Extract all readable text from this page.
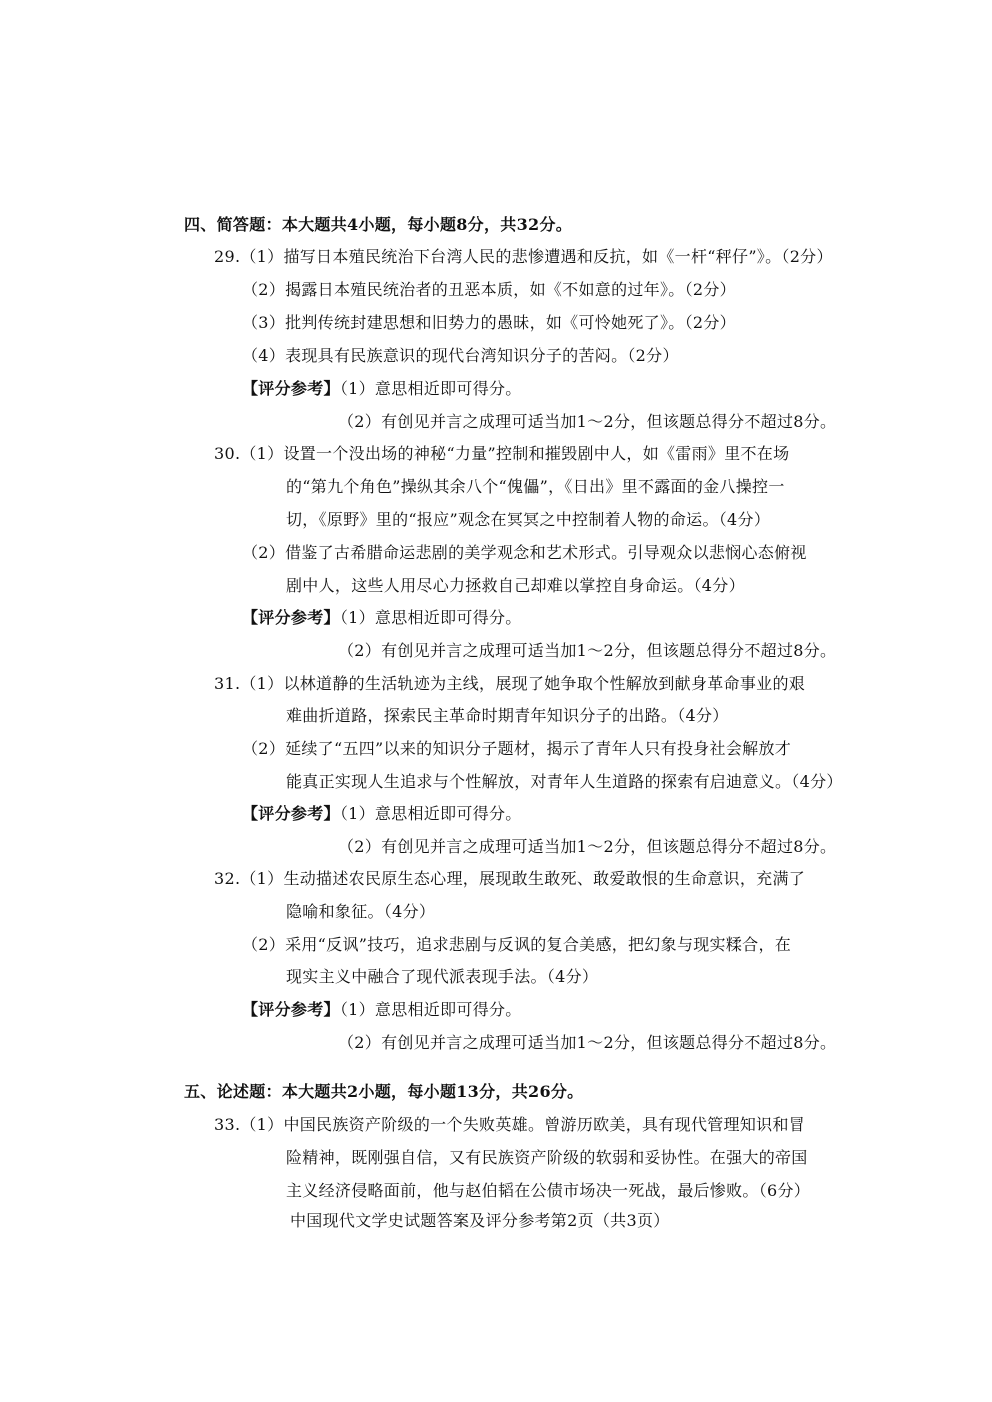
四、简答题：本大题共4小题，每小题8分，共32分。
29.（1）描写日本殖民统治下台湾人民的悲惨遭遇和反抗，如《一杆“秤仔”》。（2分）
（2）揭露日本殖民统治者的丑恶本质，如《不如意的过年》。（2分）
（3）批判传统封建思想和旧势力的愚昧，如《可怜她死了》。（2分）
（4）表现具有民族意识的现代台湾知识分子的苦闷。（2分）
【评分参考】（1）意思相近即可得分。
（2）有创见并言之成理可适当加1～2分，但该题总得分不超过8分。
30.（1）设置一个没出场的神秘“力量”控制和摧毁剧中人，如《雷雨》里不在场
的“第九个角色”操纵其余八个“傀儡”，《日出》里不露面的金八操控一
切，《原野》里的“报应”观念在冥冥之中控制着人物的命运。（4分）
（2）借鉴了古希腊命运悲剧的美学观念和艺术形式。引导观众以悲悯心态俯视
剧中人，这些人用尽心力拯救自己却难以掌控自身命运。（4分）
【评分参考】（1）意思相近即可得分。
（2）有创见并言之成理可适当加1～2分，但该题总得分不超过8分。
31.（1）以林道静的生活轨迹为主线，展现了她争取个性解放到献身革命事业的艰
难曲折道路，探索民主革命时期青年知识分子的出路。（4分）
（2）延续了“五四”以来的知识分子题材，揭示了青年人只有投身社会解放才
能真正实现人生追求与个性解放，对青年人生道路的探索有启迪意义。（4分）
【评分参考】（1）意思相近即可得分。
（2）有创见并言之成理可适当加1～2分，但该题总得分不超过8分。
32.（1）生动描述农民原生态心理，展现敢生敢死、敢爱敢恨的生命意识，充满了
隐喻和象征。（4分）
（2）采用“反讽”技巧，追求悲剧与反讽的复合美感，把幻象与现实糅合，在
现实主义中融合了现代派表现手法。（4分）
【评分参考】（1）意思相近即可得分。
（2）有创见并言之成理可适当加1～2分，但该题总得分不超过8分。
五、论述题：本大题共2小题，每小题13分，共26分。
33.（1）中国民族资产阶级的一个失败英雄。曾游历欧美，具有现代管理知识和冒
险精神，既刚强自信，又有民族资产阶级的软弱和妥协性。在强大的帝国
主义经济侵略面前，他与赵伯韬在公债市场决一死战，最后惨败。（6分）
中国现代文学史试题答案及评分参考第2页（共3页）
